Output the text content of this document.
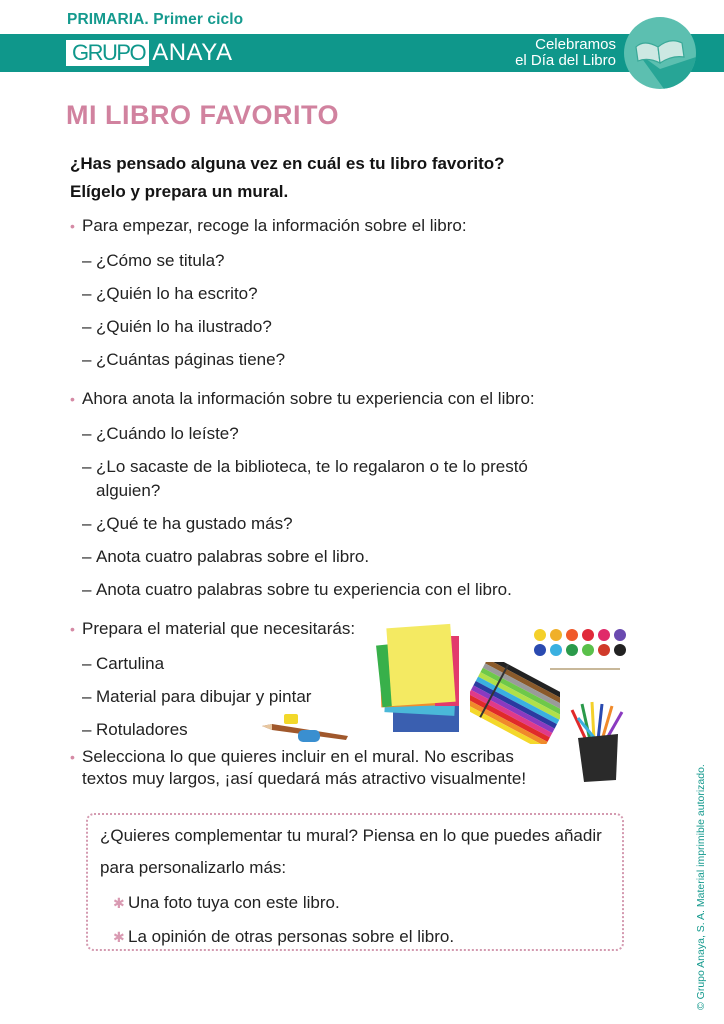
PRIMARIA. Primer ciclo
GRUPO ANAYA	Celebramos
el Día del Libro
MI LIBRO FAVORITO
¿Has pensado alguna vez en cuál es tu libro favorito?
Elígelo y prepara un mural.
• Para empezar, recoge la información sobre el libro:
– ¿Cómo se titula?
– ¿Quién lo ha escrito?
– ¿Quién lo ha ilustrado?
– ¿Cuántas páginas tiene?
• Ahora anota la información sobre tu experiencia con el libro:
– ¿Cuándo lo leíste?
– ¿Lo sacaste de la biblioteca, te lo regalaron o te lo prestó alguien?
– ¿Qué te ha gustado más?
– Anota cuatro palabras sobre el libro.
– Anota cuatro palabras sobre tu experiencia con el libro.
• Prepara el material que necesitarás:
– Cartulina
– Material para dibujar y pintar
– Rotuladores
• Selecciona lo que quieres incluir en el mural. No escribas textos muy largos, ¡así quedará más atractivo visualmente!
¿Quieres complementar tu mural? Piensa en lo que puedes añadir para personalizarlo más:
✱ Una foto tuya con este libro.
✱ La opinión de otras personas sobre el libro.	© Grupo Anaya, S. A. Material imprimible autorizado.
